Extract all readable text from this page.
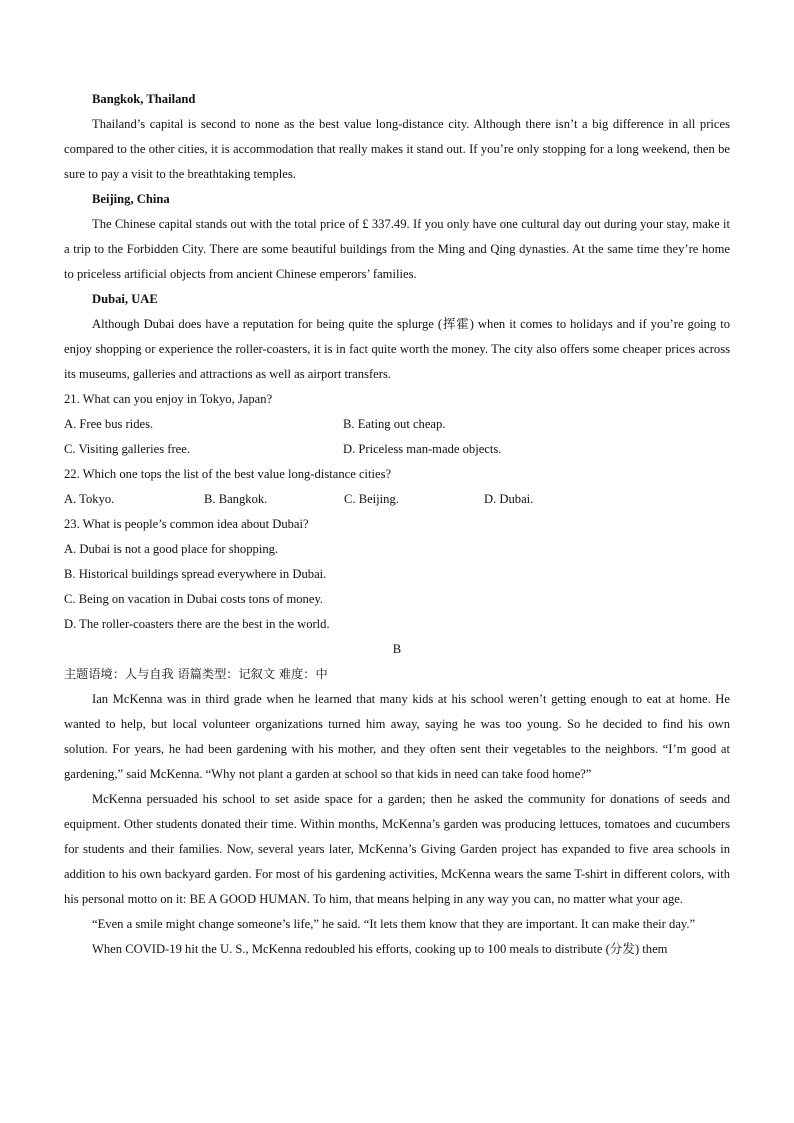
Bangkok, Thailand
Thailand’s capital is second to none as the best value long-distance city. Although there isn’t a big difference in all prices compared to the other cities, it is accommodation that really makes it stand out. If you’re only stopping for a long weekend, then be sure to pay a visit to the breathtaking temples.
Beijing, China
The Chinese capital stands out with the total price of £ 337.49. If you only have one cultural day out during your stay, make it a trip to the Forbidden City. There are some beautiful buildings from the Ming and Qing dynasties. At the same time they’re home to priceless artificial objects from ancient Chinese emperors’ families.
Dubai, UAE
Although Dubai does have a reputation for being quite the splurge (挥霍) when it comes to holidays and if you’re going to enjoy shopping or experience the roller-coasters, it is in fact quite worth the money. The city also offers some cheaper prices across its museums, galleries and attractions as well as airport transfers.
21. What can you enjoy in Tokyo, Japan?
A. Free bus rides.	B. Eating out cheap.
C. Visiting galleries free.	D. Priceless man-made objects.
22. Which one tops the list of the best value long-distance cities?
A. Tokyo.	B. Bangkok.	C. Beijing.	D. Dubai.
23. What is people’s common idea about Dubai?
A. Dubai is not a good place for shopping.
B. Historical buildings spread everywhere in Dubai.
C. Being on vacation in Dubai costs tons of money.
D. The roller-coasters there are the best in the world.
B
主题语境：人与自我 语篇类型：记叙文 难度：中
Ian McKenna was in third grade when he learned that many kids at his school weren’t getting enough to eat at home. He wanted to help, but local volunteer organizations turned him away, saying he was too young. So he decided to find his own solution. For years, he had been gardening with his mother, and they often sent their vegetables to the neighbors. “I’m good at gardening,” said McKenna. “Why not plant a garden at school so that kids in need can take food home?”
McKenna persuaded his school to set aside space for a garden; then he asked the community for donations of seeds and equipment. Other students donated their time. Within months, McKenna’s garden was producing lettuces, tomatoes and cucumbers for students and their families. Now, several years later, McKenna’s Giving Garden project has expanded to five area schools in addition to his own backyard garden. For most of his gardening activities, McKenna wears the same T-shirt in different colors, with his personal motto on it: BE A GOOD HUMAN. To him, that means helping in any way you can, no matter what your age.
“Even a smile might change someone’s life,” he said. “It lets them know that they are important. It can make their day.”
When COVID-19 hit the U. S., McKenna redoubled his efforts, cooking up to 100 meals to distribute (分发) them
